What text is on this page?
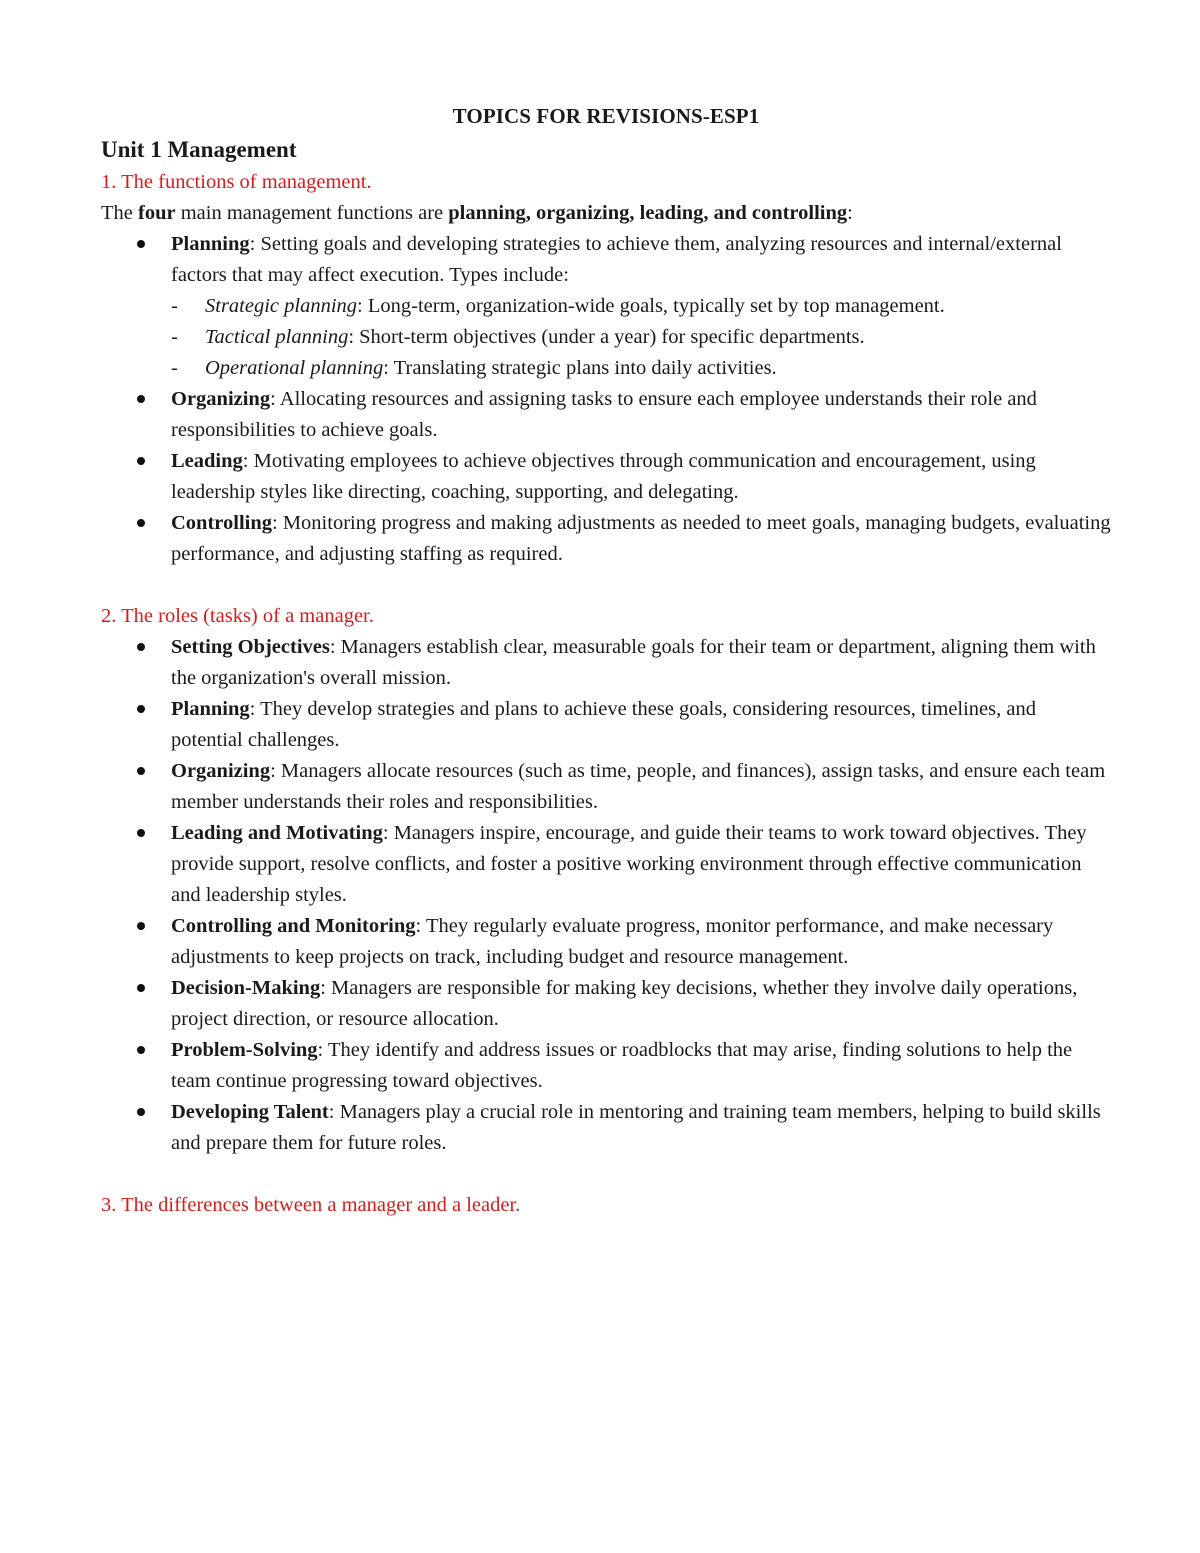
TOPICS FOR REVISIONS-ESP1
Unit 1 Management

1. The functions of management.

The four main management functions are planning, organizing, leading, and controlling:

Planning: Setting goals and developing strategies to achieve them, analyzing resources and internal/external factors that may affect execution. Types include:
- Strategic planning: Long-term, organization-wide goals, typically set by top management.
- Tactical planning: Short-term objectives (under a year) for specific departments.
- Operational planning: Translating strategic plans into daily activities.
Organizing: Allocating resources and assigning tasks to ensure each employee understands their role and responsibilities to achieve goals.
Leading: Motivating employees to achieve objectives through communication and encouragement, using leadership styles like directing, coaching, supporting, and delegating.
Controlling: Monitoring progress and making adjustments as needed to meet goals, managing budgets, evaluating performance, and adjusting staffing as required.

2. The roles (tasks) of a manager.

Setting Objectives: Managers establish clear, measurable goals for their team or department, aligning them with the organization's overall mission.
Planning: They develop strategies and plans to achieve these goals, considering resources, timelines, and potential challenges.
Organizing: Managers allocate resources (such as time, people, and finances), assign tasks, and ensure each team member understands their roles and responsibilities.
Leading and Motivating: Managers inspire, encourage, and guide their teams to work toward objectives. They provide support, resolve conflicts, and foster a positive working environment through effective communication and leadership styles.
Controlling and Monitoring: They regularly evaluate progress, monitor performance, and make necessary adjustments to keep projects on track, including budget and resource management.
Decision-Making: Managers are responsible for making key decisions, whether they involve daily operations, project direction, or resource allocation.
Problem-Solving: They identify and address issues or roadblocks that may arise, finding solutions to help the team continue progressing toward objectives.
Developing Talent: Managers play a crucial role in mentoring and training team members, helping to build skills and prepare them for future roles.

3. The differences between a manager and a leader.
